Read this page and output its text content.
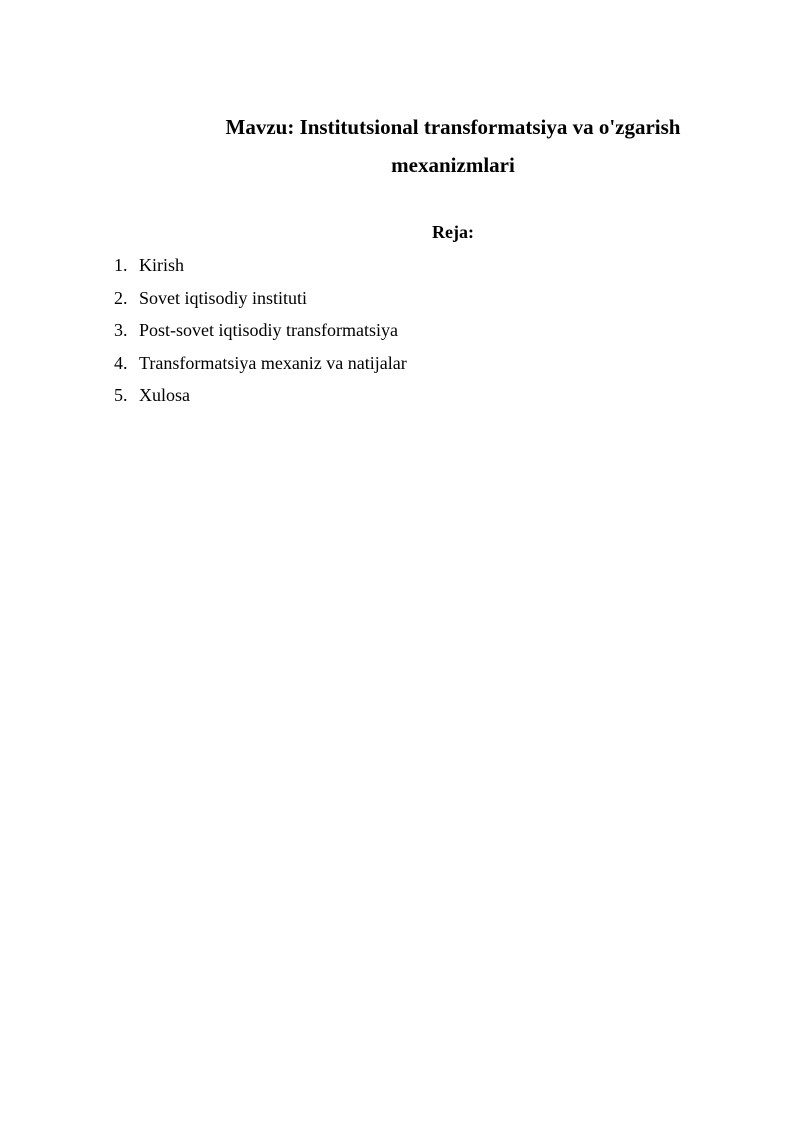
Mavzu: Institutsional transformatsiya va o'zgarish
mexanizmlari
Reja:
1. Kirish
2. Sovet iqtisodiy instituti
3. Post-sovet iqtisodiy transformatsiya
4. Transformatsiya mexaniz va natijalar
5. Xulosa
